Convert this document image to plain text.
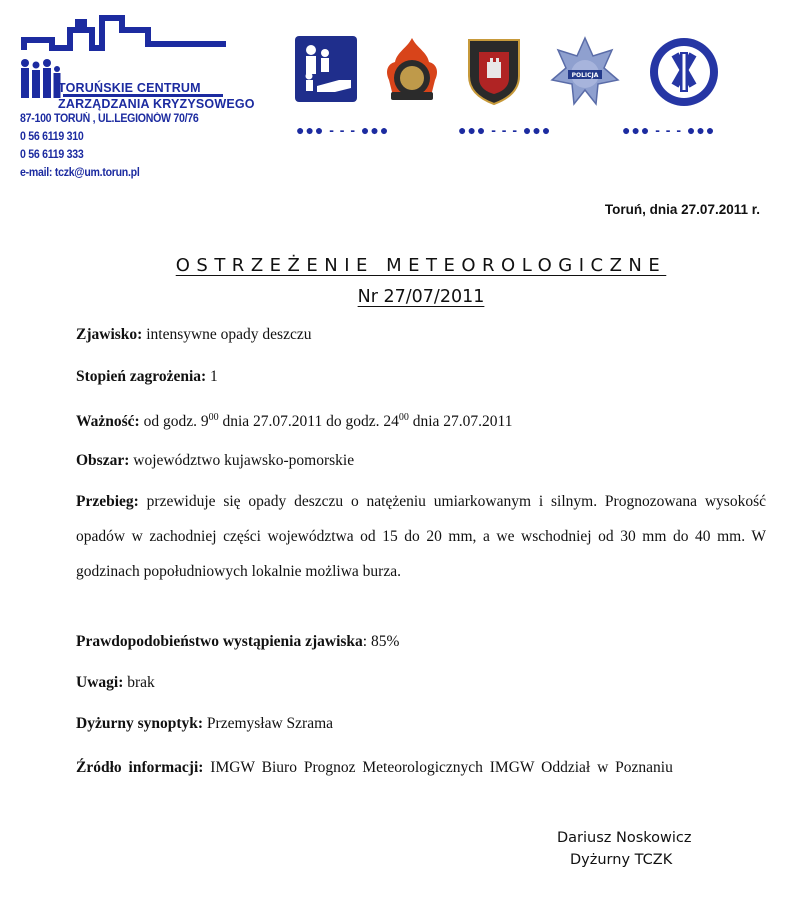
TORUŃSKIE CENTRUM
ZARZĄDZANIA KRYZYSOWEGO
87-100 TORUŃ , UL.LEGIONÓW 70/76
0 56 6119 310
0 56 6119 333
e-mail: tczk@um.torun.pl
POLICJA
●●● - - - ●●●	●●● - - - ●●●	●●● - - - ●●●
Toruń, dnia 27.07.2011 r.
OSTRZEŻENIE METEOROLOGICZNE
Nr 27/07/2011
Zjawisko: intensywne opady deszczu
Stopień zagrożenia: 1
Ważność: od godz. $9^{00}$ dnia 27.07.2011 do godz. $24^{00}$ dnia 27.07.2011
Obszar: województwo kujawsko-pomorskie
Przebieg: przewiduje się opady deszczu o natężeniu umiarkowanym i silnym. Prognozowana wysokość opadów w zachodniej części województwa od 15 do 20 mm, a we wschodniej od 30 mm do 40 mm. W godzinach popołudniowych lokalnie możliwa burza.
Prawdopodobieństwo wystąpienia zjawiska: 85%
Uwagi: brak
Dyżurny synoptyk: Przemysław Szrama
Źródło informacji: IMGW Biuro Prognoz Meteorologicznych IMGW Oddział w Poznaniu
Dariusz Noskowicz
Dyżurny TCZK
